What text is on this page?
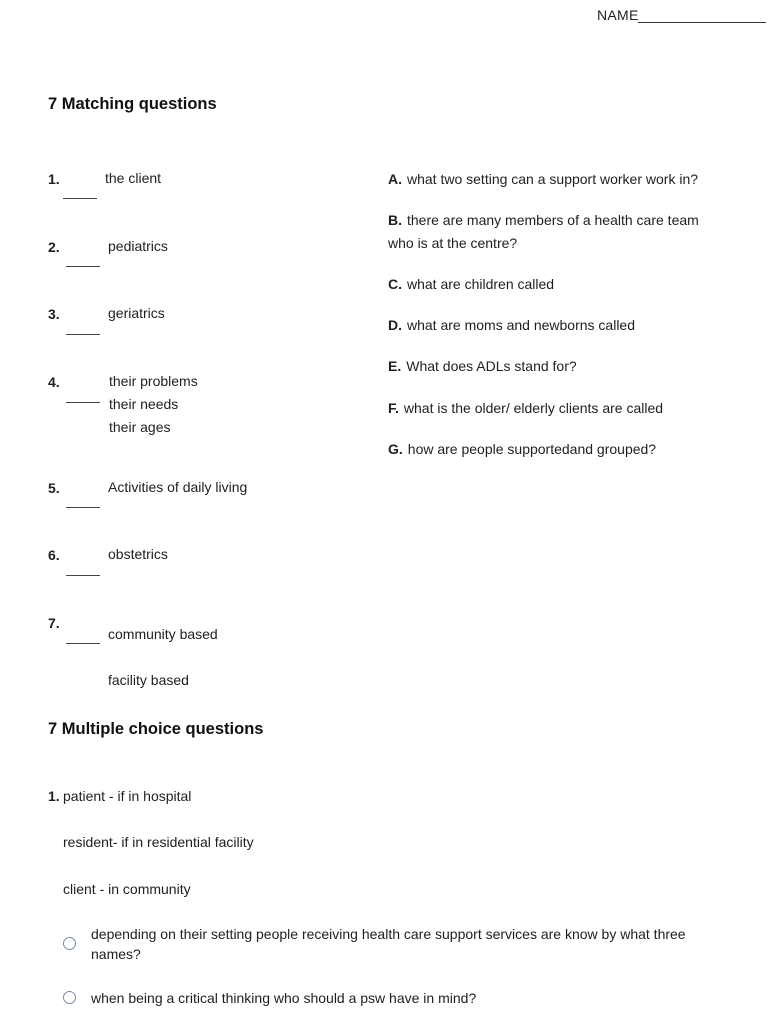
NAME
7 Matching questions
1.	the client
2.	pediatrics
3.	geriatrics
4.	their problems
their needs
their ages
5.	Activities of daily living
6.	obstetrics
7.
community based
facility based
A. what two setting can a support worker work in?
B. there are many members of a health care team who is at the centre?
C. what are children called
D. what are moms and newborns called
E. What does ADLs stand for?
F. what is the older/ elderly clients are called
G. how are people supportedand grouped?
7 Multiple choice questions
1. patient - if in hospital
resident- if in residential facility
client - in community
depending on their setting people receiving health care support services are know by what three names?
when being a critical thinking who should a psw have in mind?
